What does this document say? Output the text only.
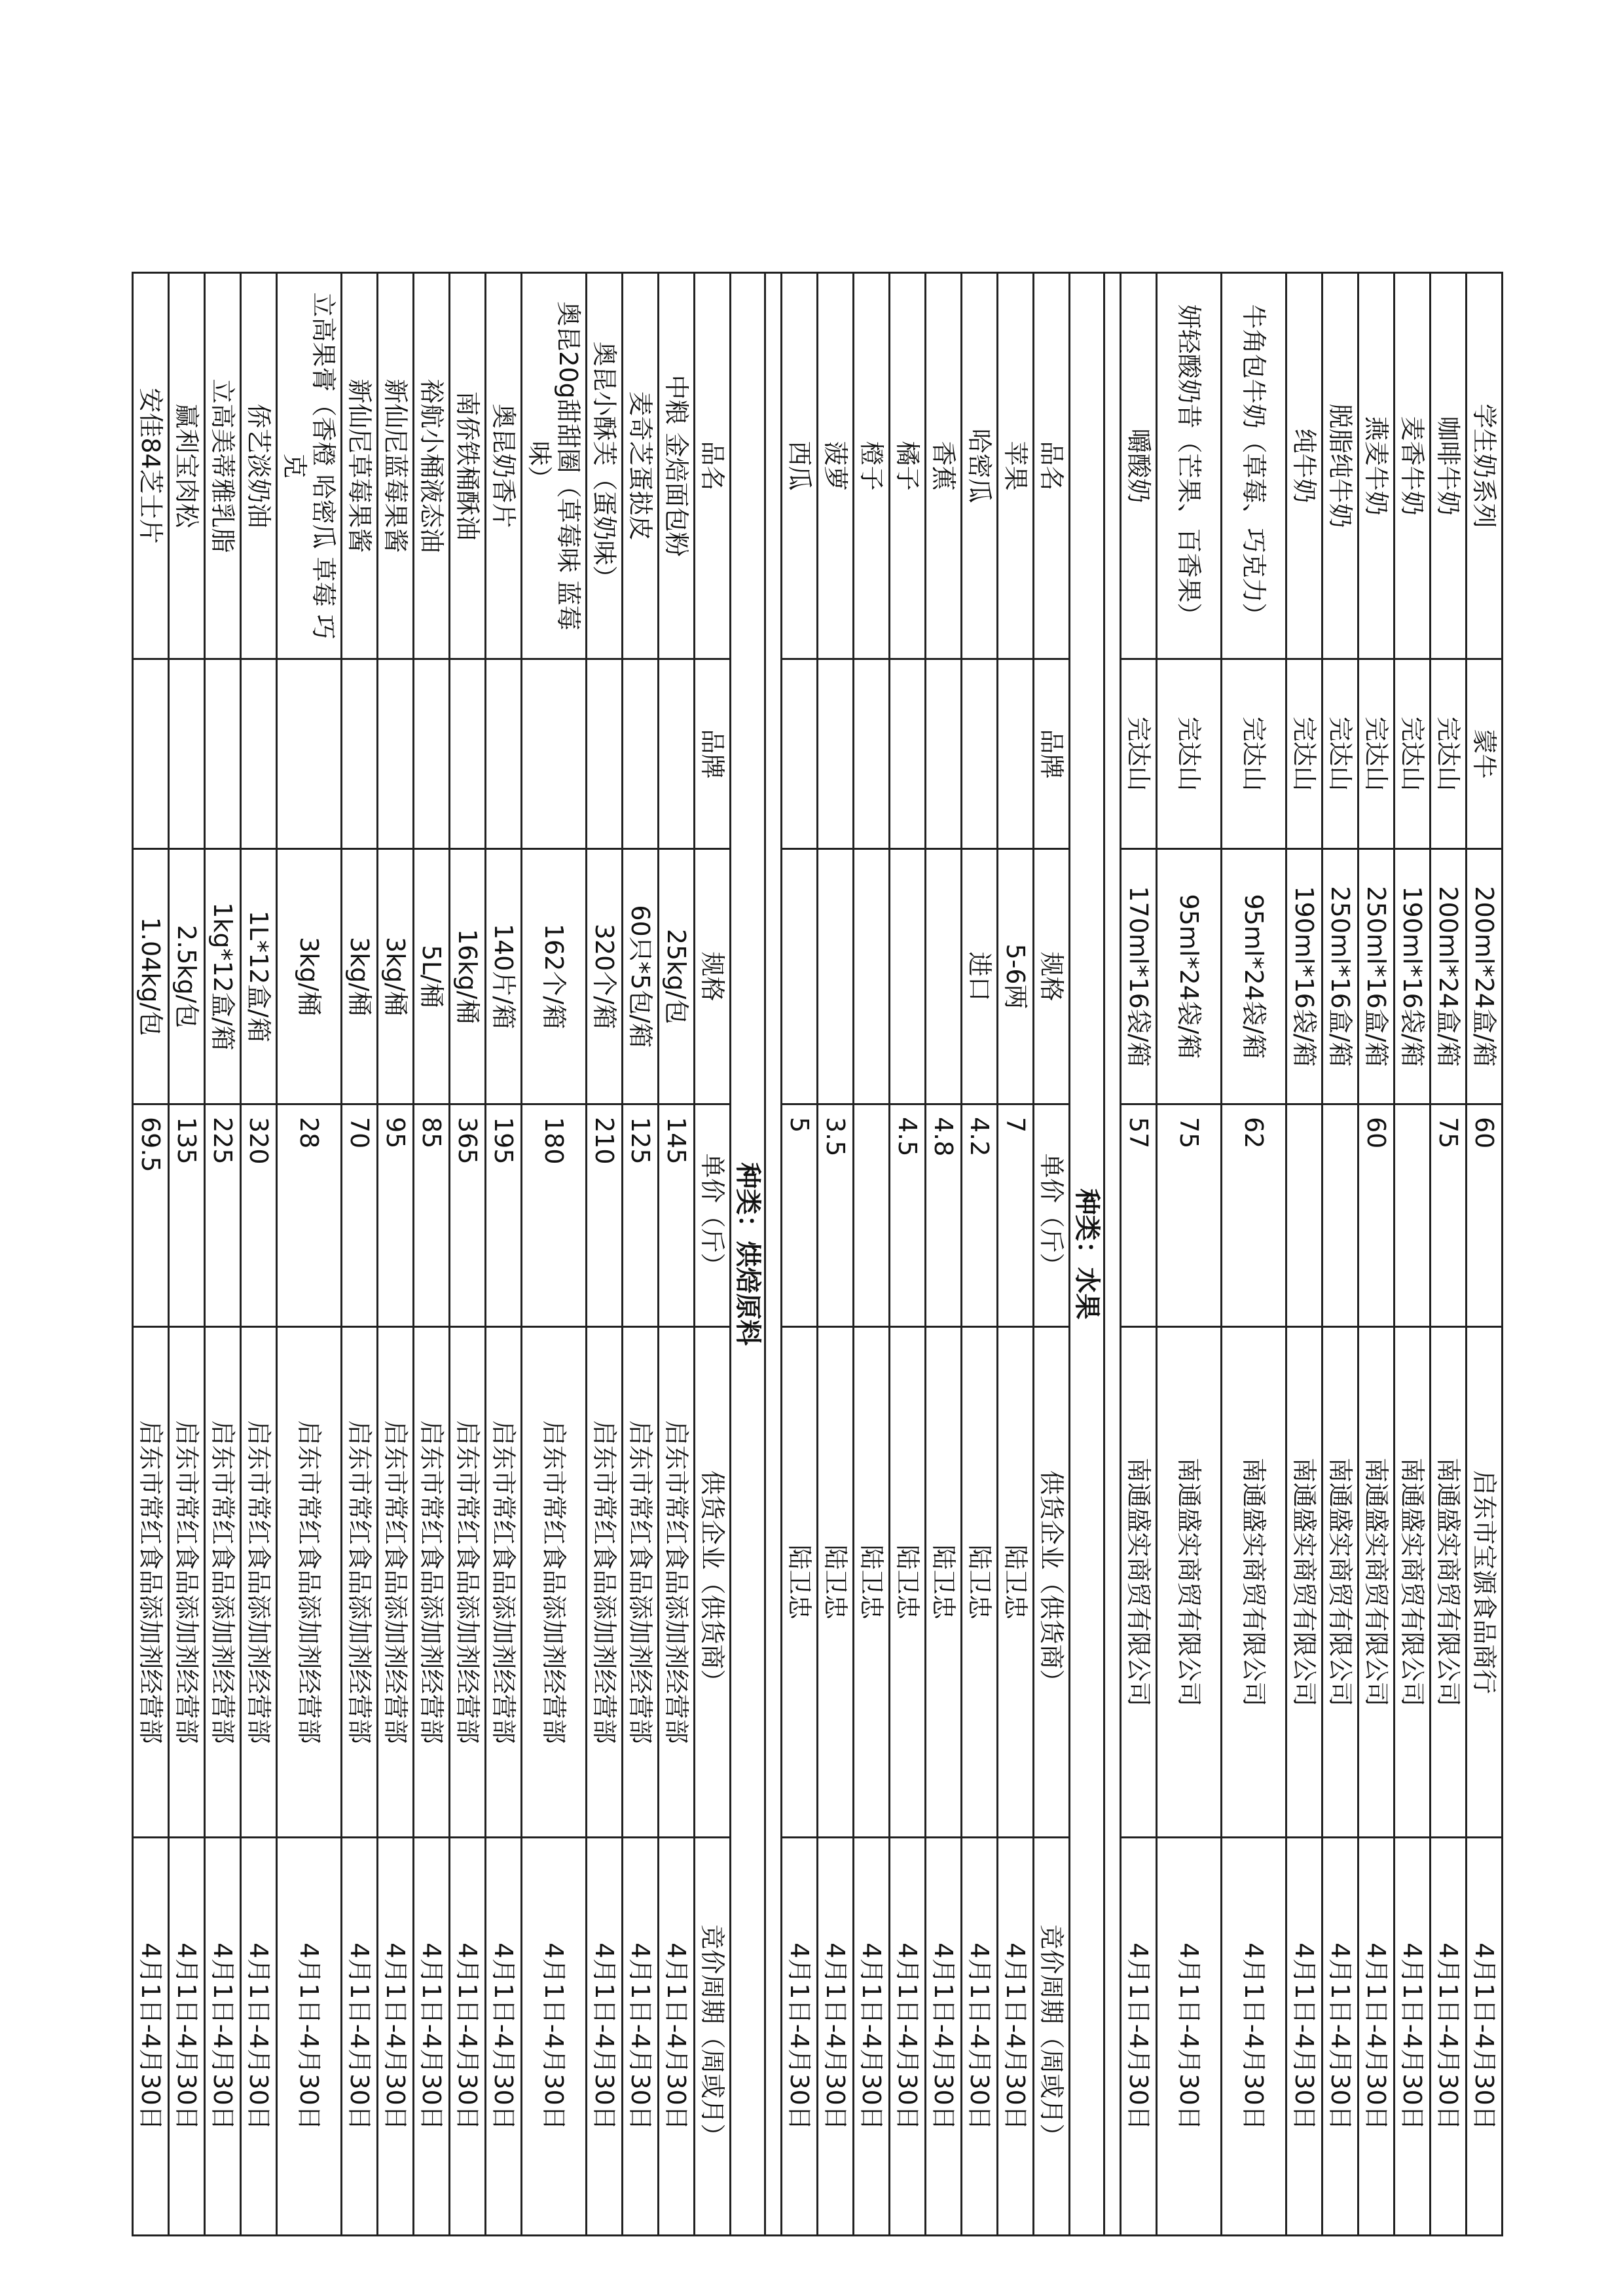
学生奶系列	蒙牛	200ml*24盒/箱	60	启东市宝源食品商行	4月1日-4月30日
咖啡牛奶	完达山	200ml*24盒/箱	75	南通盛实商贸有限公司	4月1日-4月30日
麦香牛奶	完达山	190ml*16袋/箱		南通盛实商贸有限公司	4月1日-4月30日
燕麦牛奶	完达山	250ml*16盒/箱	60	南通盛实商贸有限公司	4月1日-4月30日
脱脂纯牛奶	完达山	250ml*16盒/箱		南通盛实商贸有限公司	4月1日-4月30日
纯牛奶	完达山	190ml*16袋/箱		南通盛实商贸有限公司	4月1日-4月30日
牛角包牛奶（草莓、巧克力）	完达山	95ml*24袋/箱	62	南通盛实商贸有限公司	4月1日-4月30日
妍轻酸奶昔（芒果、百香果）	完达山	95ml*24袋/箱	75	南通盛实商贸有限公司	4月1日-4月30日
嚼酸奶	完达山	170ml*16袋/箱	57	南通盛实商贸有限公司	4月1日-4月30日

种类：水果					
品名	品牌	规格	单价（斤）	供货企业（供货商）	竞价周期（周或月）
苹果		5-6两	7	陆卫忠	4月1日-4月30日
哈密瓜		进口	4.2	陆卫忠	4月1日-4月30日
香蕉			4.8	陆卫忠	4月1日-4月30日
橘子			4.5	陆卫忠	4月1日-4月30日
橙子				陆卫忠	4月1日-4月30日
菠萝			3.5	陆卫忠	4月1日-4月30日
西瓜			5	陆卫忠	4月1日-4月30日

种类：烘焙原料					
品名	品牌	规格	单价（斤）	供货企业（供货商）	竞价周期（周或月）
中粮 金焙面包粉		25kg/包	145	启东市常红食品添加剂经营部	4月1日-4月30日
麦奇芝蛋挞皮		60只*5包/箱	125	启东市常红食品添加剂经营部	4月1日-4月30日
奥昆小酥芙（蛋奶味）		320个/箱	210	启东市常红食品添加剂经营部	4月1日-4月30日
奥昆20g甜甜圈（草莓味 蓝莓味）		162个/箱	180	启东市常红食品添加剂经营部	4月1日-4月30日
奥昆奶香片		140片/箱	195	启东市常红食品添加剂经营部	4月1日-4月30日
南侨铁桶酥油		16kg/桶	365	启东市常红食品添加剂经营部	4月1日-4月30日
裕航小桶液态油		5L/桶	85	启东市常红食品添加剂经营部	4月1日-4月30日
新仙尼蓝莓果酱		3kg/桶	95	启东市常红食品添加剂经营部	4月1日-4月30日
新仙尼草莓果酱		3kg/桶	70	启东市常红食品添加剂经营部	4月1日-4月30日
立高果膏（香橙 哈密瓜 草莓 巧克		3kg/桶	28	启东市常红食品添加剂经营部	4月1日-4月30日
侨艺淡奶油		1L*12盒/箱	320	启东市常红食品添加剂经营部	4月1日-4月30日
立高美蒂雅乳脂		1kg*12盒/箱	225	启东市常红食品添加剂经营部	4月1日-4月30日
赢利宝肉松		2.5kg/包	135	启东市常红食品添加剂经营部	4月1日-4月30日
安佳84芝士片		1.04kg/包	69.5	启东市常红食品添加剂经营部	4月1日-4月30日
